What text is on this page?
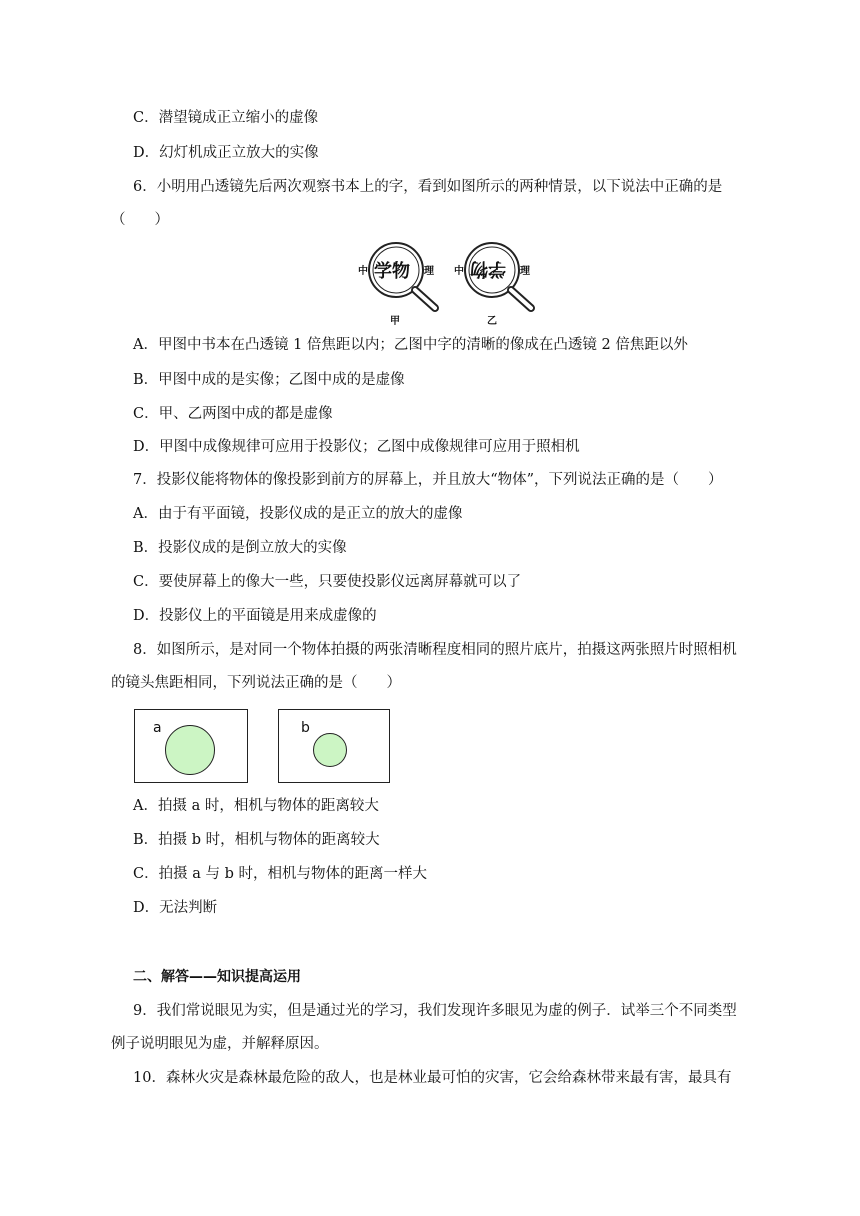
C．潜望镜成正立缩小的虚像
D．幻灯机成正立放大的实像
6．小明用凸透镜先后两次观察书本上的字，看到如图所示的两种情景，以下说法中正确的是
（　　）
中 学物 理 中 学物 理
甲	乙
A．甲图中书本在凸透镜 1 倍焦距以内；乙图中字的清晰的像成在凸透镜 2 倍焦距以外
B．甲图中成的是实像；乙图中成的是虚像
C．甲、乙两图中成的都是虚像
D．甲图中成像规律可应用于投影仪；乙图中成像规律可应用于照相机
7．投影仪能将物体的像投影到前方的屏幕上，并且放大“物体”，下列说法正确的是（　　）
A．由于有平面镜，投影仪成的是正立的放大的虚像
B．投影仪成的是倒立放大的实像
C．要使屏幕上的像大一些，只要使投影仪远离屏幕就可以了
D．投影仪上的平面镜是用来成虚像的
8．如图所示，是对同一个物体拍摄的两张清晰程度相同的照片底片，拍摄这两张照片时照相机
的镜头焦距相同，下列说法正确的是（　　）
a	b
A．拍摄 a 时，相机与物体的距离较大
B．拍摄 b 时，相机与物体的距离较大
C．拍摄 a 与 b 时，相机与物体的距离一样大
D．无法判断
二、解答——知识提高运用
9．我们常说眼见为实，但是通过光的学习，我们发现许多眼见为虚的例子．试举三个不同类型
例子说明眼见为虚，并解释原因。
10．森林火灾是森林最危险的敌人，也是林业最可怕的灾害，它会给森林带来最有害，最具有
